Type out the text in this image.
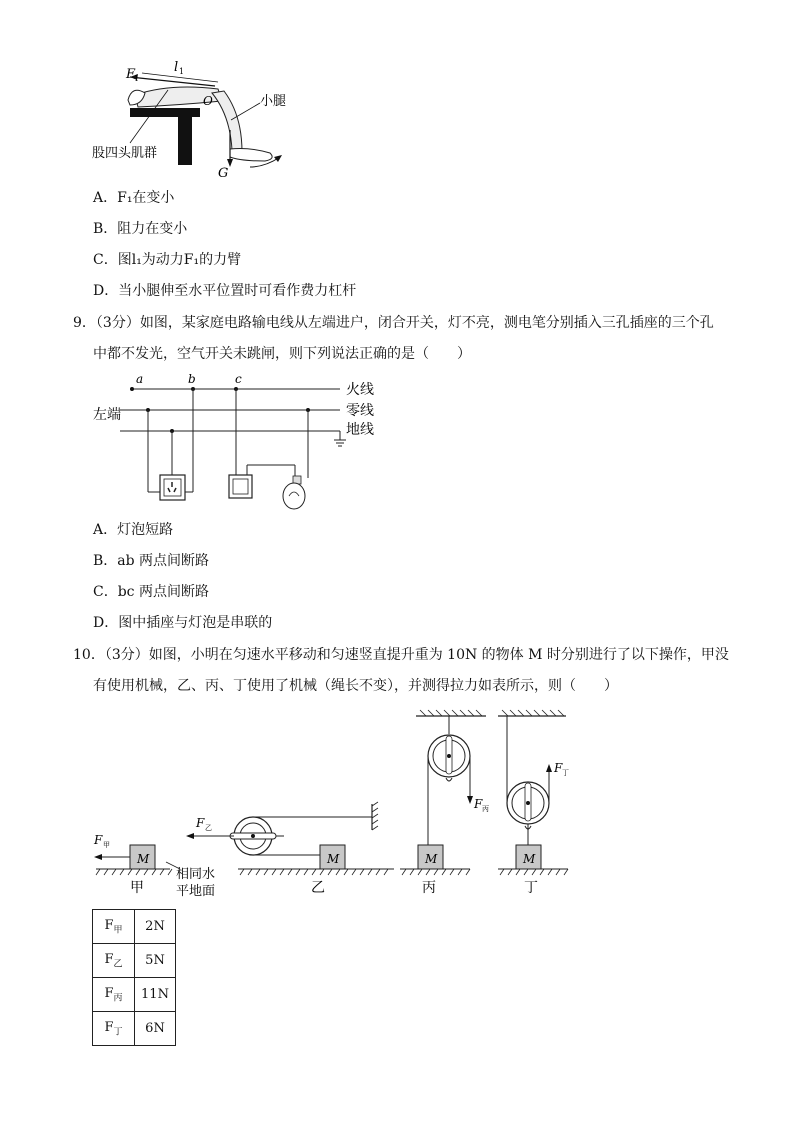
F
1
l 1
O	小腿
股四头肌群
G
A．F₁在变小
B．阻力在变小
C．图l₁为动力F₁的力臂
D．当小腿伸至水平位置时可看作费力杠杆
9．（3分）如图，某家庭电路输电线从左端进户，闭合开关，灯不亮，测电笔分别插入三孔插座的三个孔
中都不发光，空气开关未跳闸，则下列说法正确的是（　　）
a	b	c
左端
火线
零线
地线
A．灯泡短路
B．ab 两点间断路
C．bc 两点间断路
D．图中插座与灯泡是串联的
10．（3分）如图，小明在匀速水平移动和匀速竖直提升重为 10N 的物体 M 时分别进行了以下操作，甲没
有使用机械，乙、丙、丁使用了机械（绳长不变），并测得拉力如表所示，则（　　）
F 甲
M	M
F 乙
M
F 丙
M
F 丁
甲
相同水
平地面	乙	丙	丁
$F_甲$	2N
$F_乙$	5N
$F_丙$	11N
$F_丁$	6N
